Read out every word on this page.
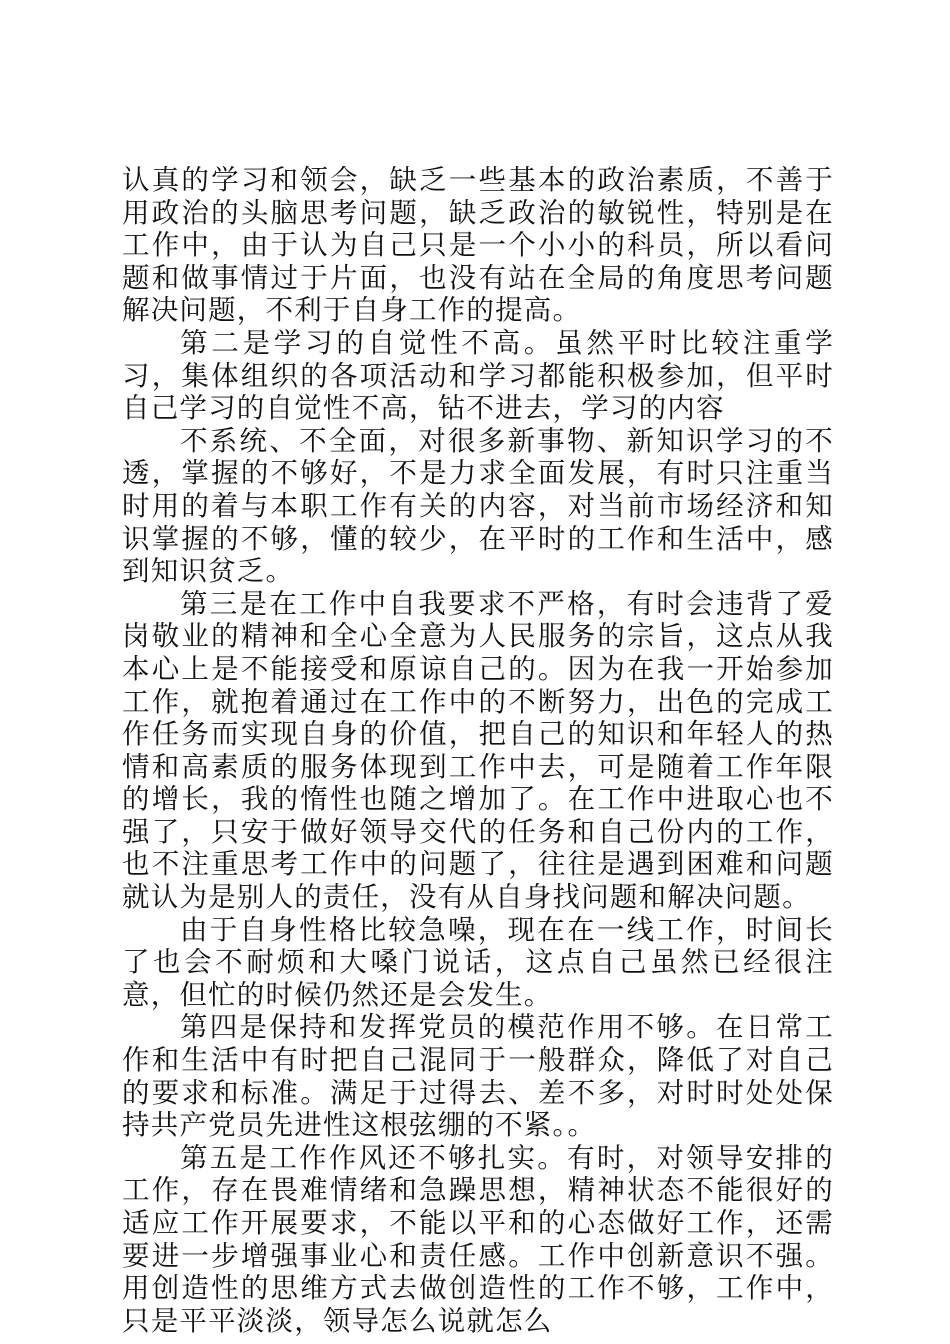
认真的学习和领会，缺乏一些基本的政治素质，不善于用政治的头脑思考问题，缺乏政治的敏锐性，特别是在工作中，由于认为自己只是一个小小的科员，所以看问题和做事情过于片面，也没有站在全局的角度思考问题解决问题，不利于自身工作的提高。

第二是学习的自觉性不高。虽然平时比较注重学习，集体组织的各项活动和学习都能积极参加，但平时自己学习的自觉性不高，钻不进去，学习的内容

不系统、不全面，对很多新事物、新知识学习的不透，掌握的不够好，不是力求全面发展，有时只注重当时用的着与本职工作有关的内容，对当前市场经济和知识掌握的不够，懂的较少，在平时的工作和生活中，感到知识贫乏。

第三是在工作中自我要求不严格，有时会违背了爱岗敬业的精神和全心全意为人民服务的宗旨，这点从我本心上是不能接受和原谅自己的。因为在我一开始参加工作，就抱着通过在工作中的不断努力，出色的完成工作任务而实现自身的价值，把自己的知识和年轻人的热情和高素质的服务体现到工作中去，可是随着工作年限的增长，我的惰性也随之增加了。在工作中进取心也不强了，只安于做好领导交代的任务和自己份内的工作，也不注重思考工作中的问题了，往往是遇到困难和问题就认为是别人的责任，没有从自身找问题和解决问题。

由于自身性格比较急噪，现在在一线工作，时间长了也会不耐烦和大嗓门说话，这点自己虽然已经很注意，但忙的时候仍然还是会发生。

第四是保持和发挥党员的模范作用不够。在日常工作和生活中有时把自己混同于一般群众，降低了对自己的要求和标准。满足于过得去、差不多，对时时处处保持共产党员先进性这根弦绷的不紧。。

第五是工作作风还不够扎实。有时，对领导安排的工作，存在畏难情绪和急躁思想，精神状态不能很好的适应工作开展要求，不能以平和的心态做好工作，还需要进一步增强事业心和责任感。工作中创新意识不强。用创造性的思维方式去做创造性的工作不够，工作中，只是平平淡淡，领导怎么说就怎么
